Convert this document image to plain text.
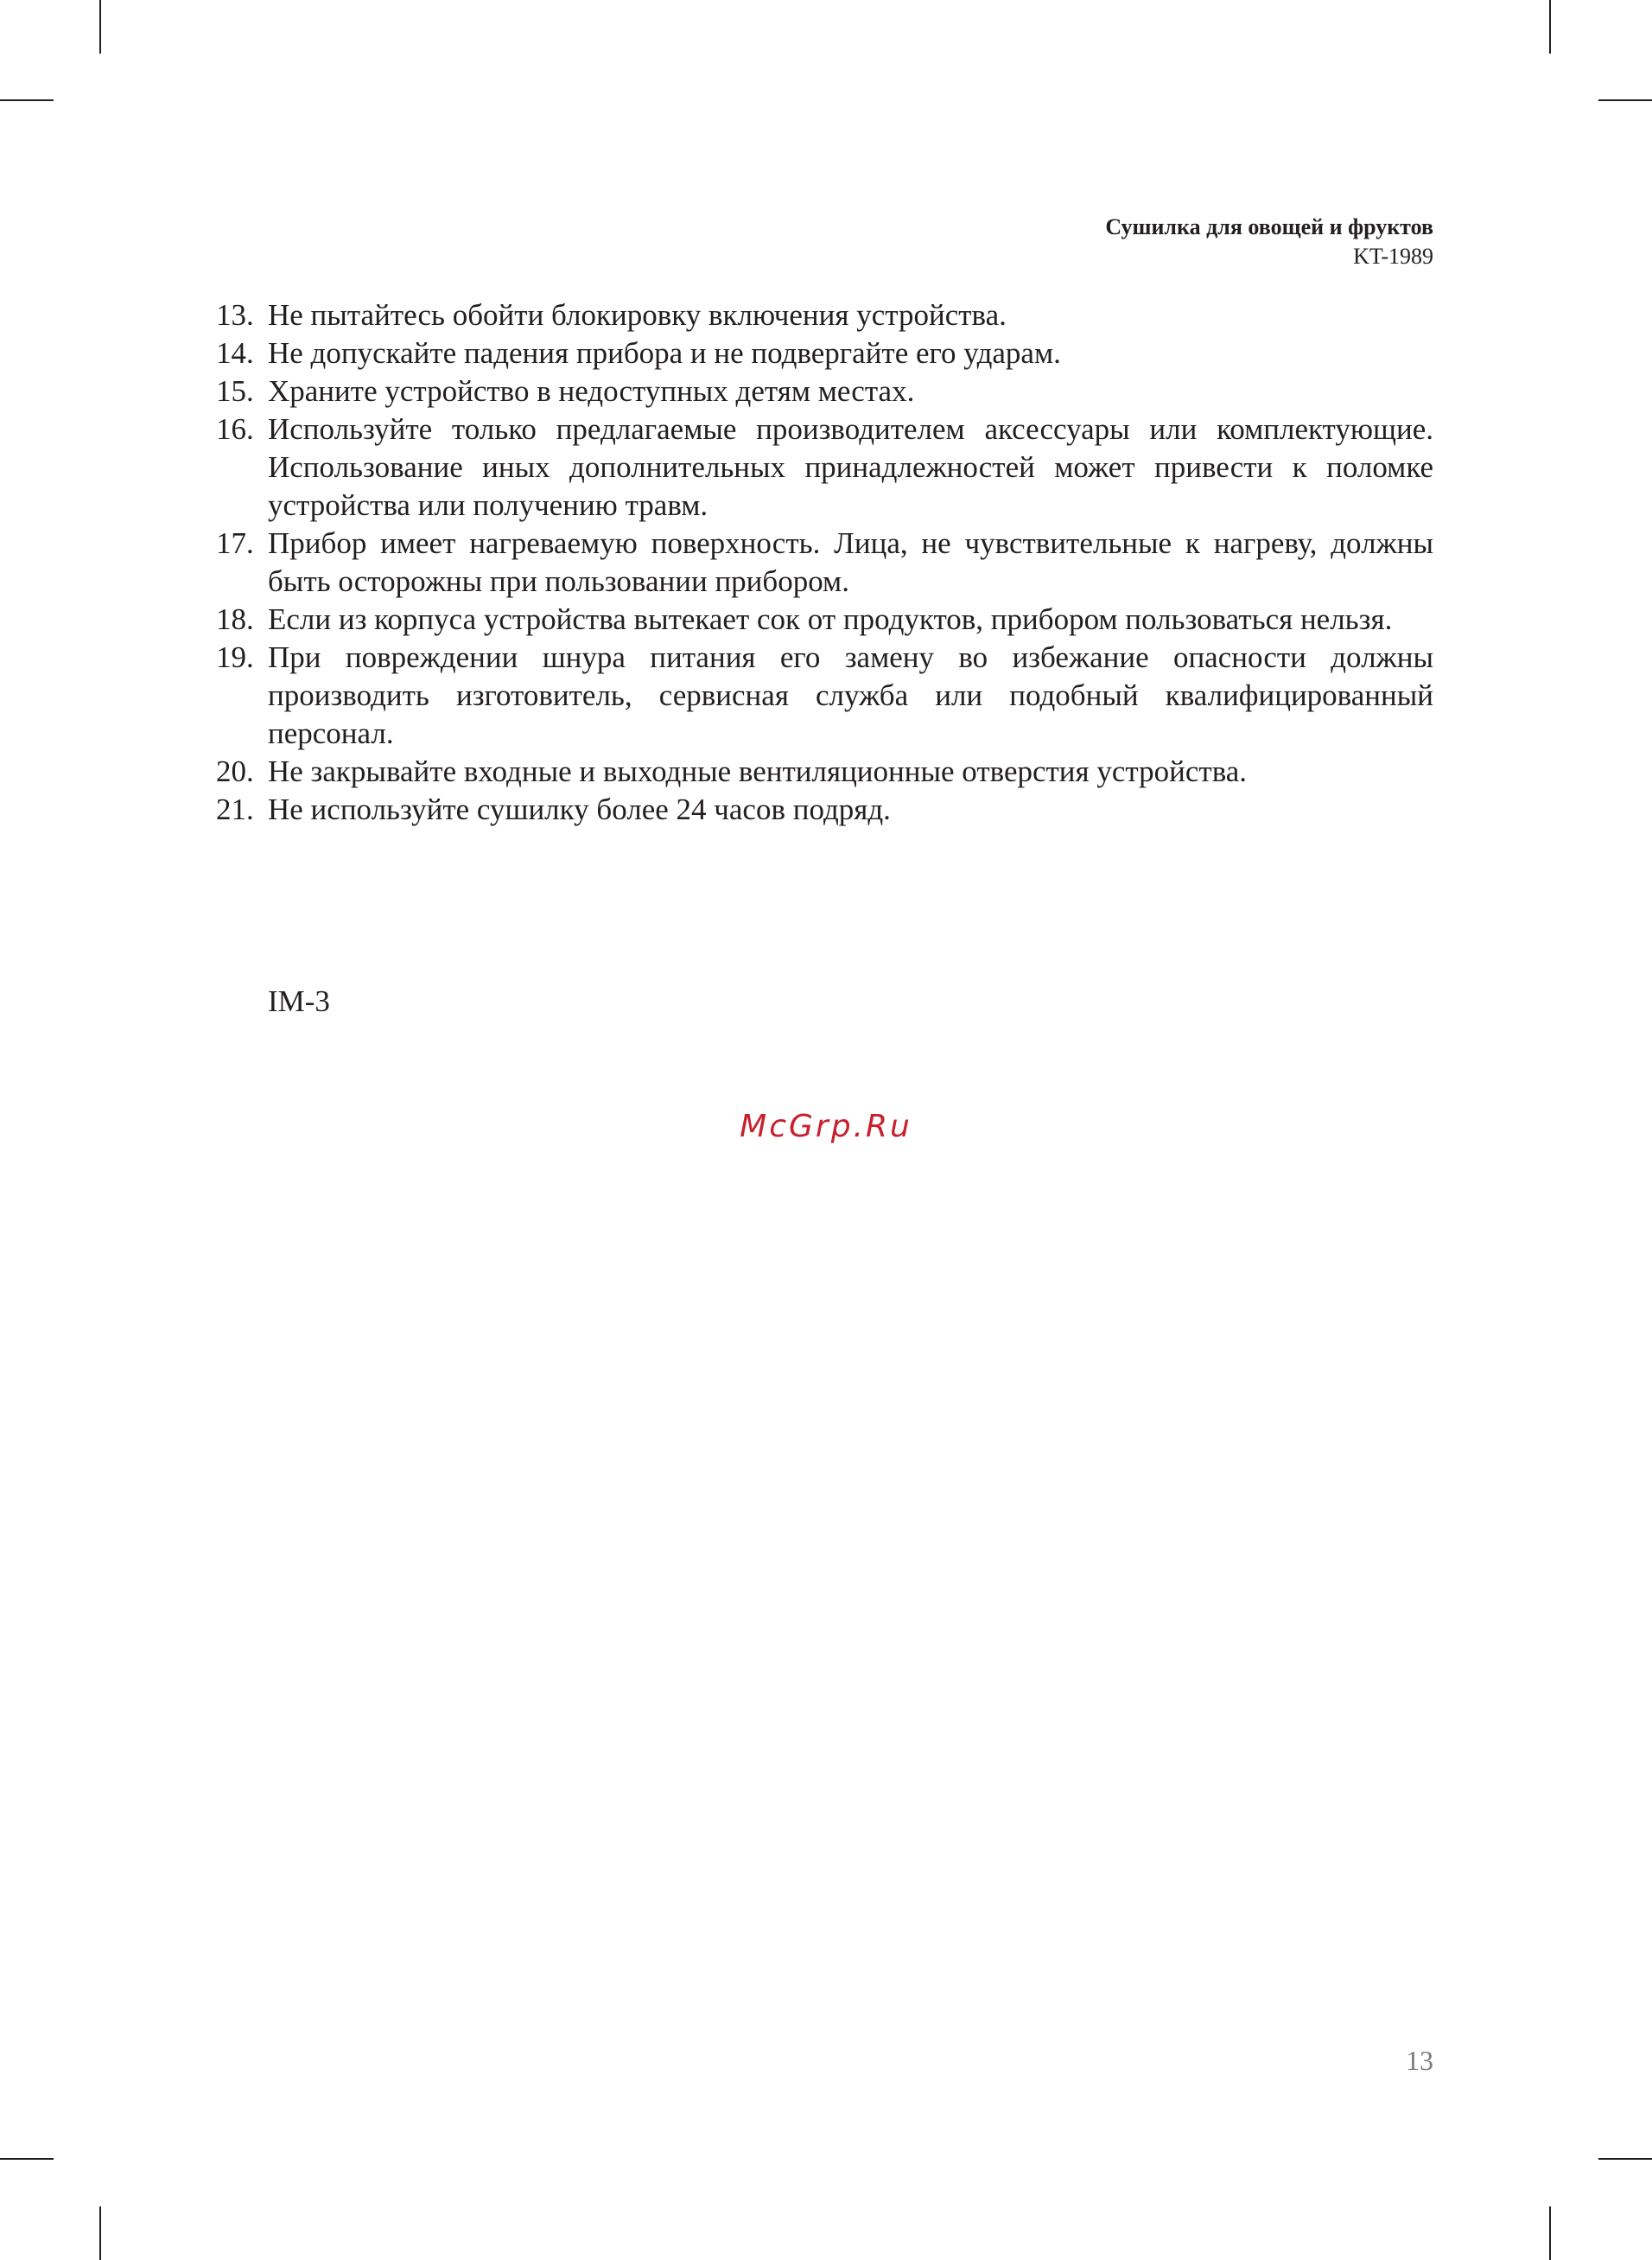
Сушилка для овощей и фруктов
KT-1989
13. Не пытайтесь обойти блокировку включения устройства.
14. Не допускайте падения прибора и не подвергайте его ударам.
15. Храните устройство в недоступных детям местах.
16. Используйте только предлагаемые производителем аксессуары или комплектующие. Использование иных дополнительных принадлежностей может привести к поломке устройства или получению травм.
17. Прибор имеет нагреваемую поверхность. Лица, не чувствительные к нагреву, должны быть осторожны при пользовании прибором.
18. Если из корпуса устройства вытекает сок от продуктов, прибором пользоваться нельзя.
19. При повреждении шнура питания его замену во избежание опасности должны производить изготовитель, сервисная служба или подобный квалифицированный персонал.
20. Не закрывайте входные и выходные вентиляционные отверстия устройства.
21. Не используйте сушилку более 24 часов подряд.
IM-3
McGrp.Ru
13
